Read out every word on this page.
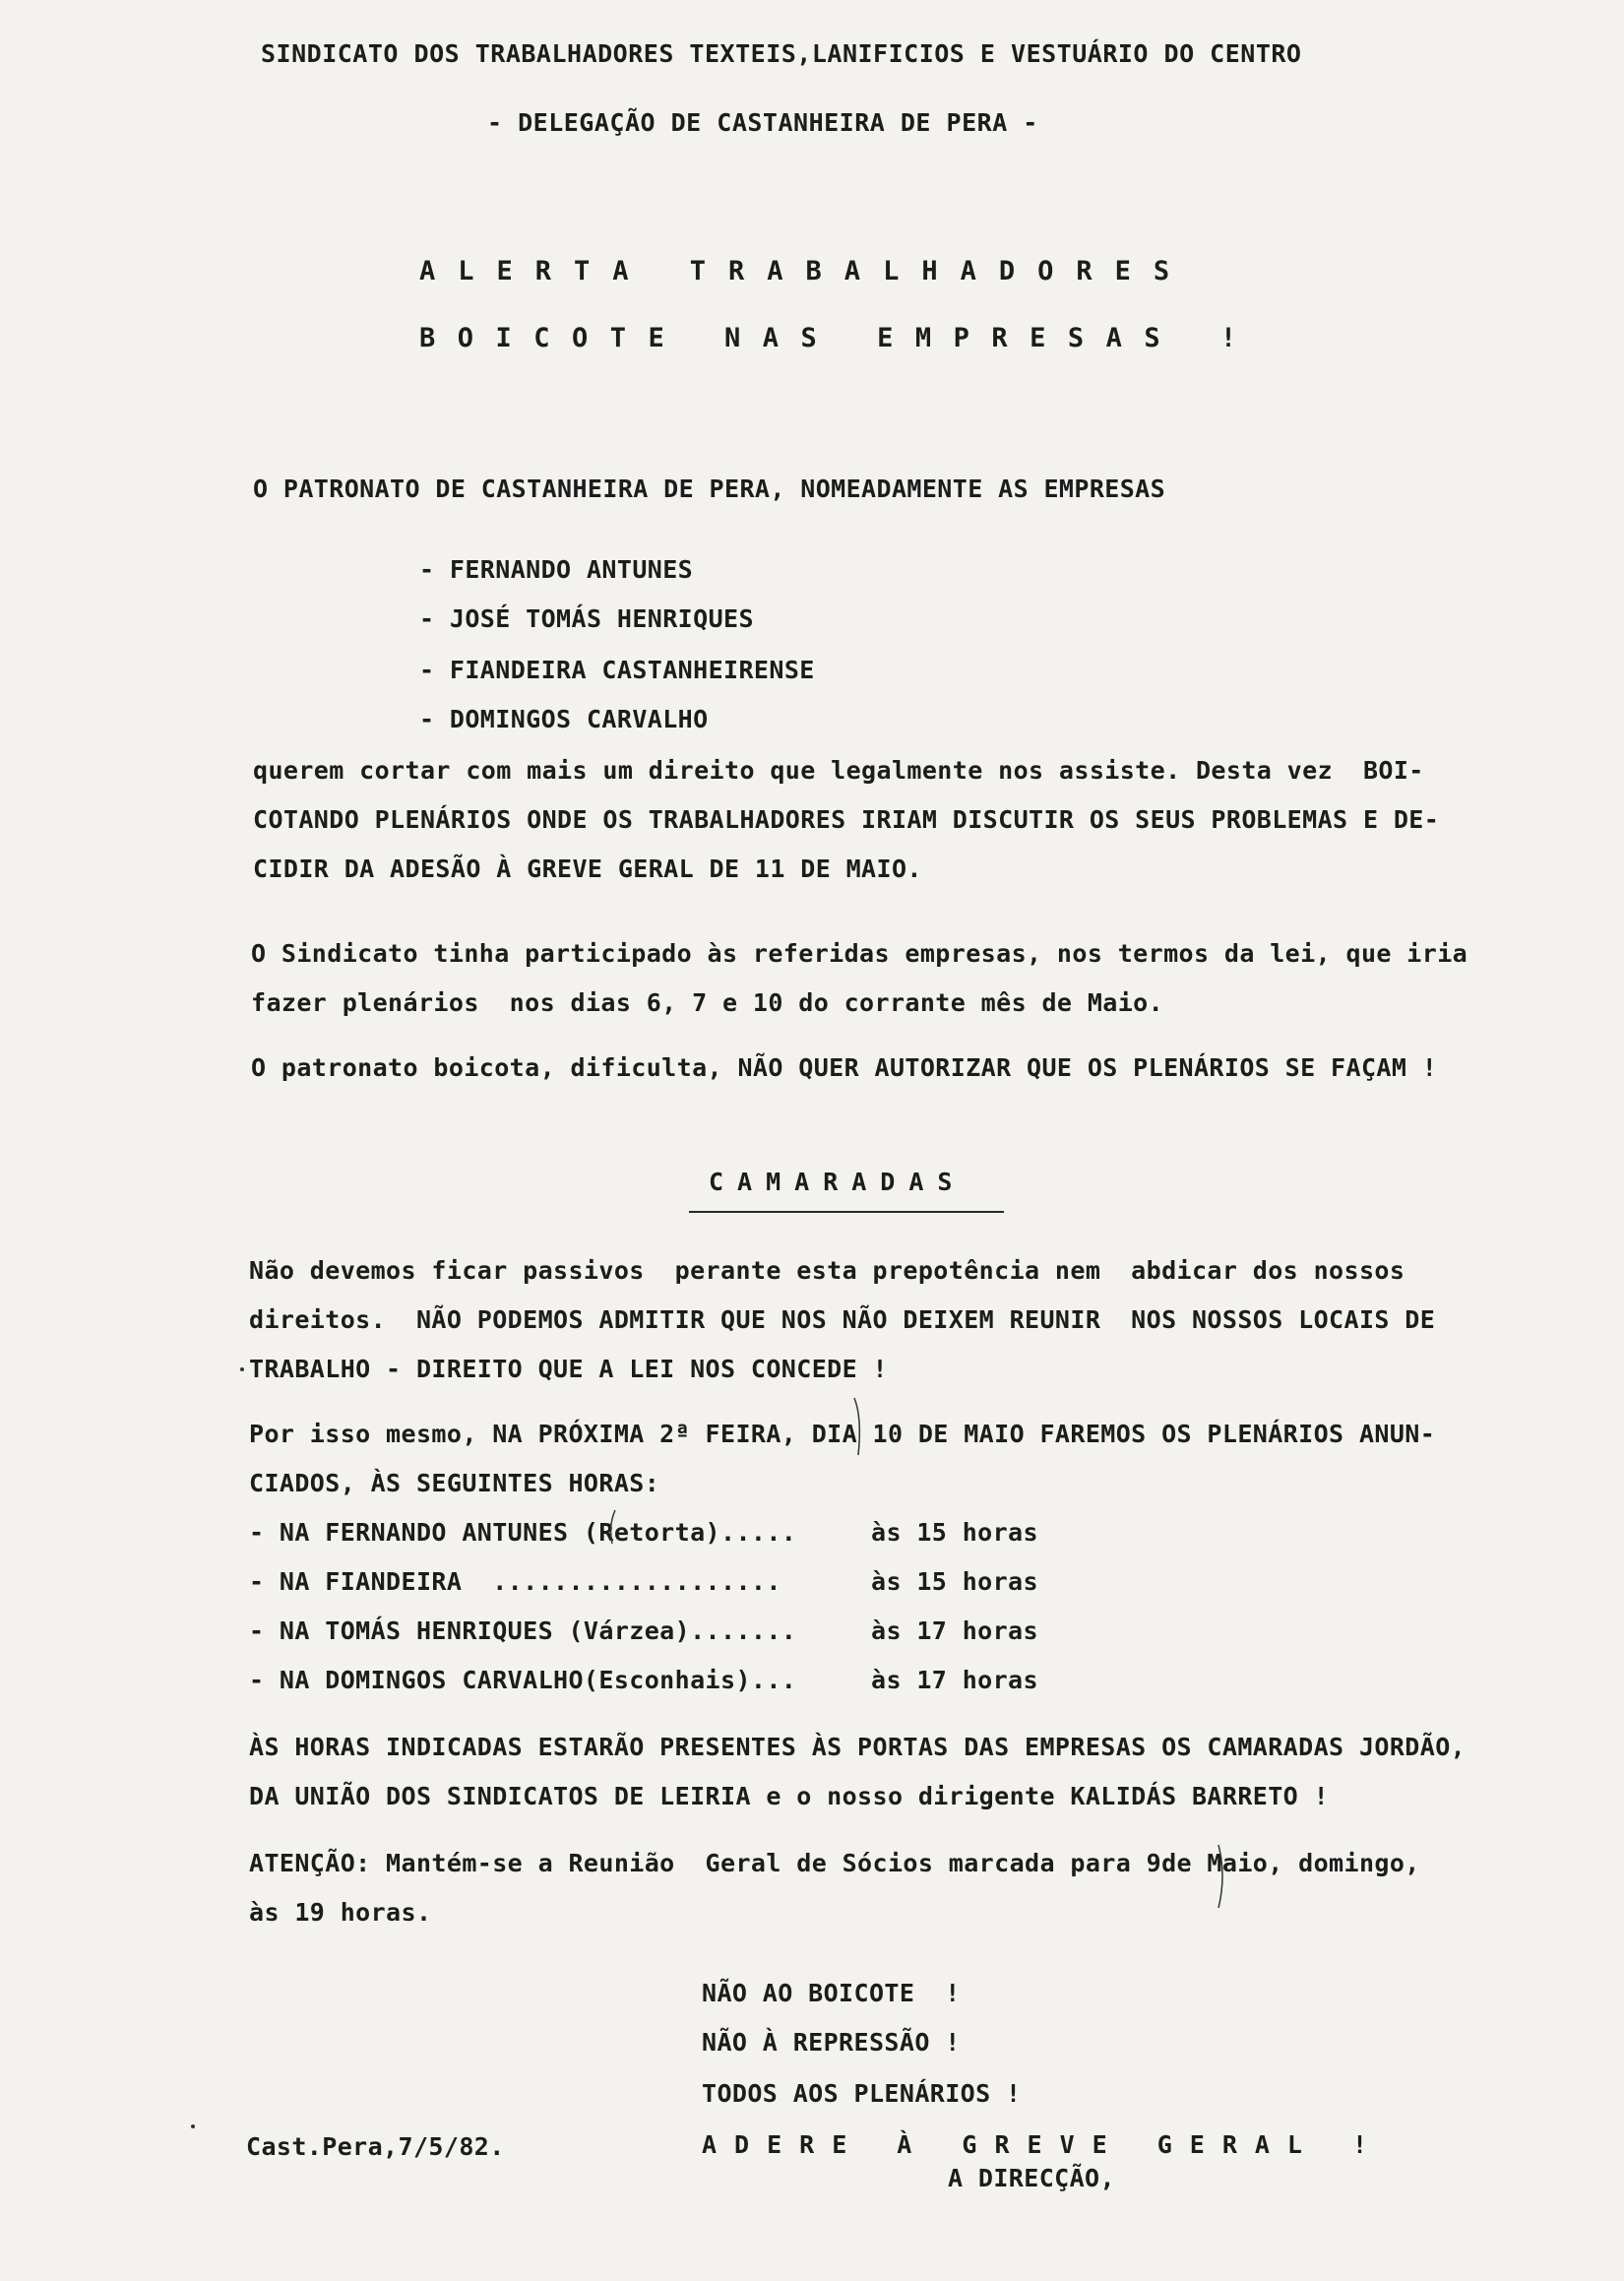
SINDICATO DOS TRABALHADORES TEXTEIS,LANIFICIOS E VESTUÁRIO DO CENTRO
- DELEGAÇÃO DE CASTANHEIRA DE PERA -
ALERTA TRABALHADORES
BOICOTE NAS EMPRESAS !
O PATRONATO DE CASTANHEIRA DE PERA, NOMEADAMENTE AS EMPRESAS
- FERNANDO ANTUNES
- JOSÉ TOMÁS HENRIQUES
- FIANDEIRA CASTANHEIRENSE
- DOMINGOS CARVALHO
querem cortar com mais um direito que legalmente nos assiste. Desta vez  BOI-
COTANDO PLENÁRIOS ONDE OS TRABALHADORES IRIAM DISCUTIR OS SEUS PROBLEMAS E DE-
CIDIR DA ADESÃO À GREVE GERAL DE 11 DE MAIO.
O Sindicato tinha participado às referidas empresas, nos termos da lei, que iria
fazer plenários  nos dias 6, 7 e 10 do corrante mês de Maio.
O patronato boicota, dificulta, NÃO QUER AUTORIZAR QUE OS PLENÁRIOS SE FAÇAM !
CAMARADAS
Não devemos ficar passivos  perante esta prepotência nem  abdicar dos nossos
direitos.  NÃO PODEMOS ADMITIR QUE NOS NÃO DEIXEM REUNIR  NOS NOSSOS LOCAIS DE
TRABALHO - DIREITO QUE A LEI NOS CONCEDE !
Por isso mesmo, NA PRÓXIMA 2ª FEIRA, DIA 10 DE MAIO FAREMOS OS PLENÁRIOS ANUN-
CIADOS, ÀS SEGUINTES HORAS:
- NA FERNANDO ANTUNES (Retorta).....	às 15 horas
- NA FIANDEIRA  ...................	às 15 horas
- NA TOMÁS HENRIQUES (Várzea).......	às 17 horas
- NA DOMINGOS CARVALHO(Esconhais)...	às 17 horas
ÀS HORAS INDICADAS ESTARÃO PRESENTES ÀS PORTAS DAS EMPRESAS OS CAMARADAS JORDÃO,
DA UNIÃO DOS SINDICATOS DE LEIRIA e o nosso dirigente KALIDÁS BARRETO !
ATENÇÃO: Mantém-se a Reunião  Geral de Sócios marcada para 9de Maio, domingo,
às 19 horas.
NÃO AO BOICOTE  !
NÃO À REPRESSÃO !
TODOS AOS PLENÁRIOS !
Cast.Pera,7/5/82.	ADERE À GREVE GERAL !
A DIRECÇÃO,
